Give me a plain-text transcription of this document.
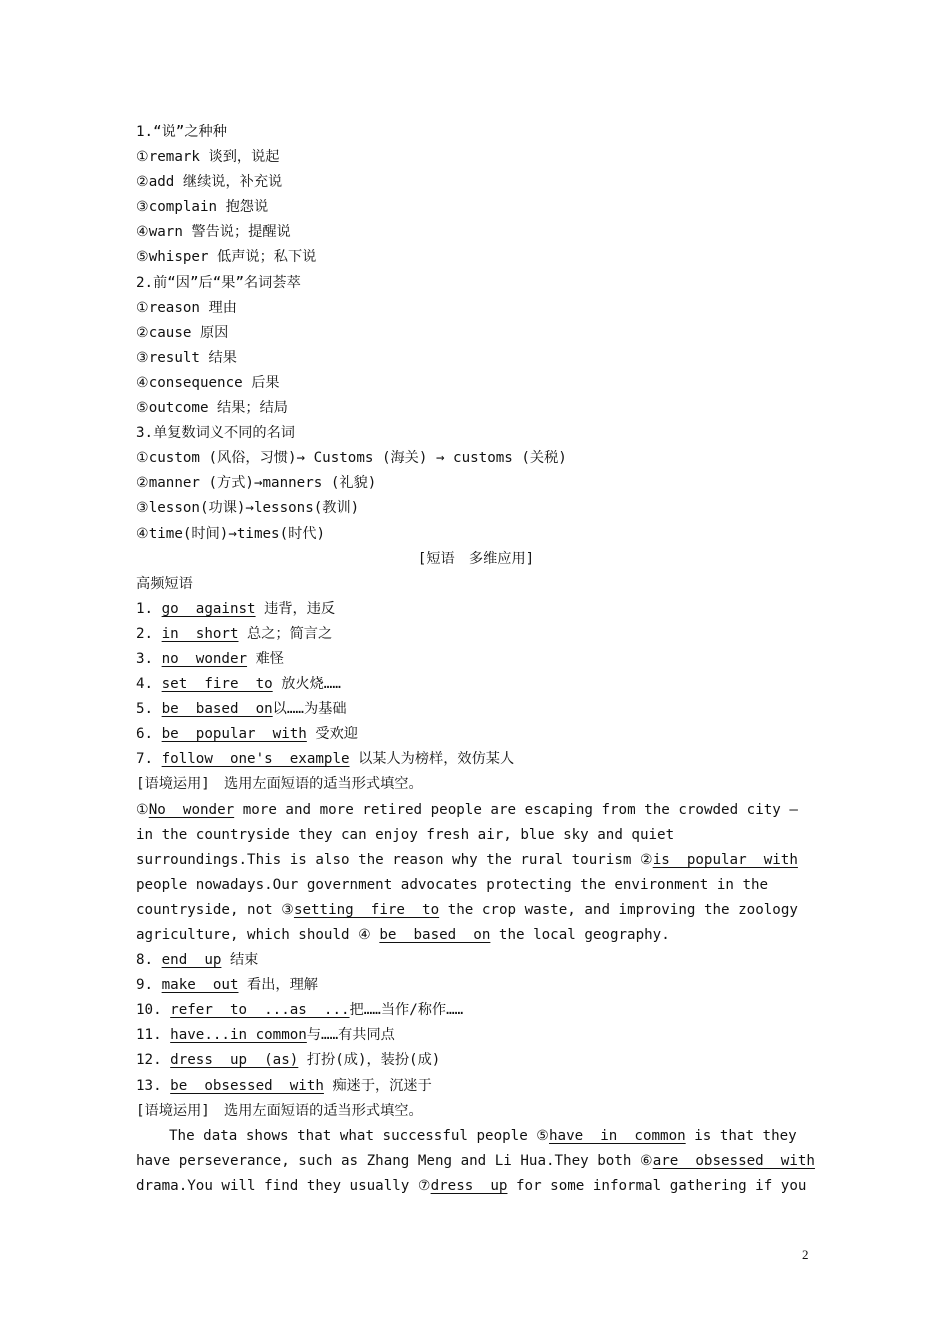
1.“说”之种种
①remark 谈到，说起
②add 继续说，补充说
③complain 抱怨说
④warn 警告说；提醒说
⑤whisper 低声说；私下说
2.前“因”后“果”名词荟萃
①reason 理由
②cause 原因
③result 结果
④consequence 后果
⑤outcome 结果；结局
3.单复数词义不同的名词
①custom (风俗，习惯)→ Customs (海关) → customs (关税)
②manner (方式)→manners (礼貌)
③lesson(功课)→lessons(教训)
④time(时间)→times(时代)
[短语　多维应用]
高频短语
1. go  against 违背，违反
2. in  short 总之；简言之
3. no  wonder 难怪
4. set  fire  to 放火烧……
5. be  based  on以……为基础
6. be  popular  with 受欢迎
7. follow  one's  example 以某人为榜样，效仿某人
[语境运用]　选用左面短语的适当形式填空。
①No  wonder more and more retired people are escaping from the crowded city —
in the countryside they can enjoy fresh air, blue sky and quiet
surroundings.This is also the reason why the rural tourism ②is  popular  with
people nowadays.Our government advocates protecting the environment in the
countryside, not ③setting  fire  to the crop waste, and improving the zoology
agriculture, which should ④ be  based  on the local geography.
8. end  up 结束
9. make  out 看出，理解
10. refer  to  ...as  ...把……当作/称作……
11. have...in common与……有共同点
12. dress  up  (as) 打扮(成)，装扮(成)
13. be  obsessed  with 痴迷于，沉迷于
[语境运用]　选用左面短语的适当形式填空。
The data shows that what successful people ⑤have  in  common is that they
have perseverance, such as Zhang Meng and Li Hua.They both ⑥are  obsessed  with
drama.You will find they usually ⑦dress  up for some informal gathering if you
2
